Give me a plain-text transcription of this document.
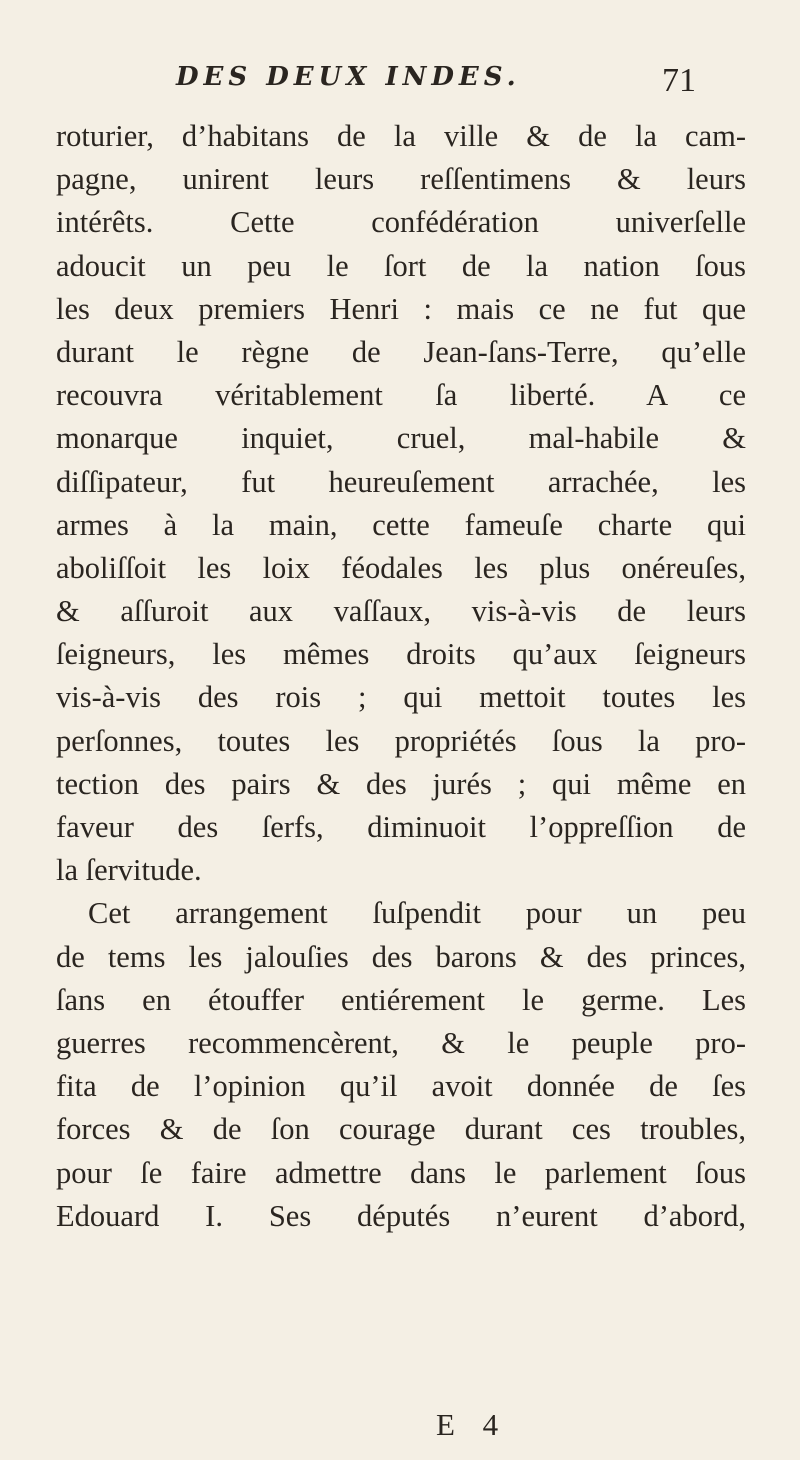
DES DEUX INDES.	71
roturier, d’habitans de la ville & de la cam-
pagne, unirent leurs reſſentimens & leurs
intérêts. Cette confédération univerſelle
adoucit un peu le ſort de la nation ſous
les deux premiers Henri : mais ce ne fut que
durant le règne de Jean-ſans-Terre, qu’elle
recouvra véritablement ſa liberté. A ce
monarque inquiet, cruel, mal-habile &
diſſipateur, fut heureuſement arrachée, les
armes à la main, cette fameuſe charte qui
aboliſſoit les loix féodales les plus onéreuſes,
& aſſuroit aux vaſſaux, vis-à-vis de leurs
ſeigneurs, les mêmes droits qu’aux ſeigneurs
vis-à-vis des rois ; qui mettoit toutes les
perſonnes, toutes les propriétés ſous la pro-
tection des pairs & des jurés ; qui même en
faveur des ſerfs, diminuoit l’oppreſſion de
la ſervitude.
Cet arrangement ſuſpendit pour un peu
de tems les jalouſies des barons & des princes,
ſans en étouffer entiérement le germe. Les
guerres recommencèrent, & le peuple pro-
fita de l’opinion qu’il avoit donnée de ſes
forces & de ſon courage durant ces troubles,
pour ſe faire admettre dans le parlement ſous
Edouard I. Ses députés n’eurent d’abord,
E 4
